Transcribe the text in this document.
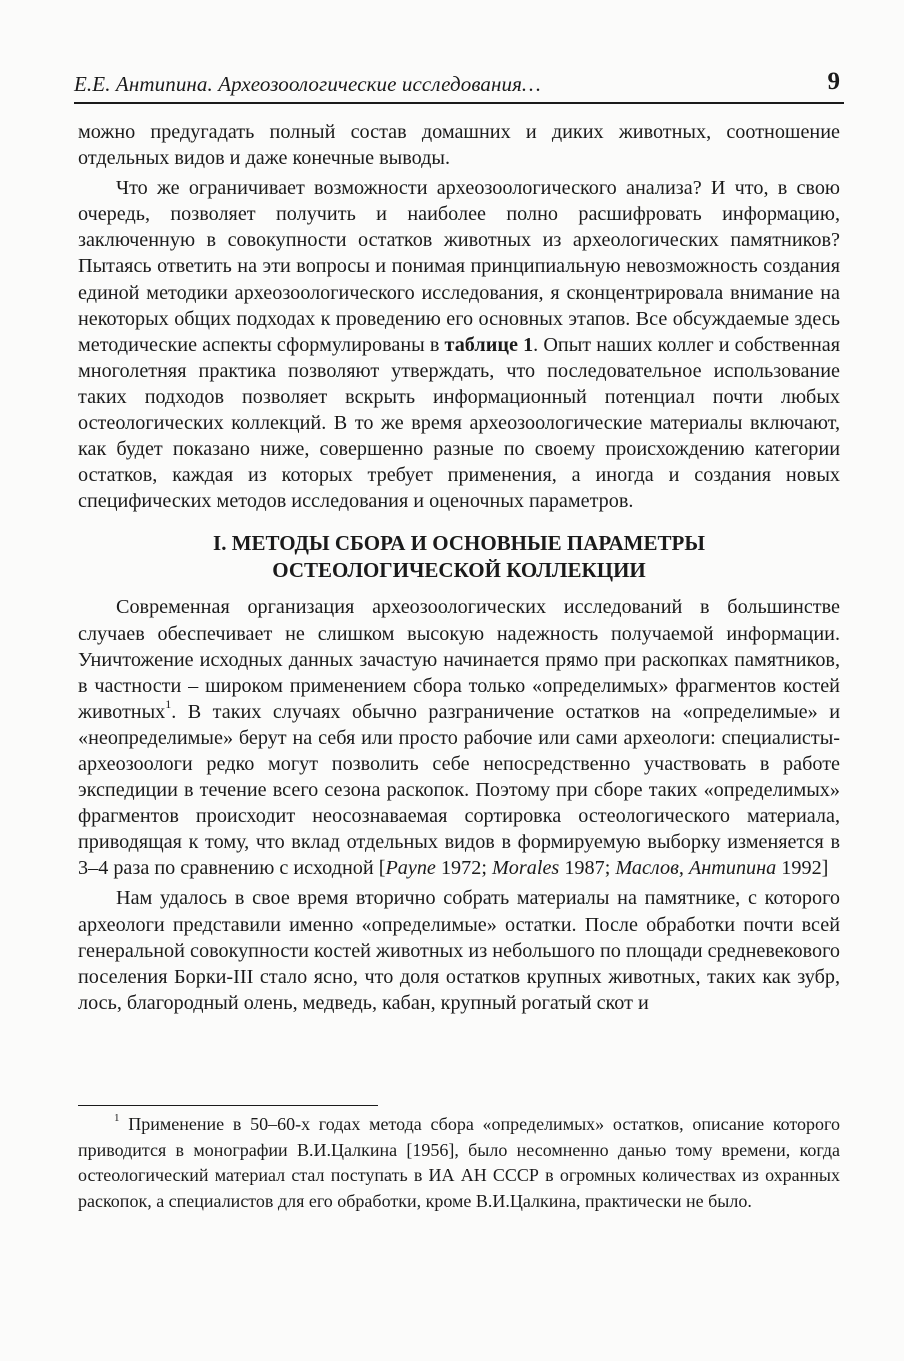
Е.Е. Антипина. Археозоологические исследования…	9

можно предугадать полный состав домашних и диких животных, соотношение отдельных видов и даже конечные выводы.

Что же ограничивает возможности археозоологического анализа? И что, в свою очередь, позволяет получить и наиболее полно расшифровать информацию, заключенную в совокупности остатков животных из археологических памятников? Пытаясь ответить на эти вопросы и понимая принципиальную невозможность создания единой методики археозоологического исследования, я сконцентрировала внимание на некоторых общих подходах к проведению его основных этапов. Все обсуждаемые здесь методические аспекты сформулированы в таблице 1. Опыт наших коллег и собственная многолетняя практика позволяют утверждать, что последовательное использование таких подходов позволяет вскрыть информационный потенциал почти любых остеологических коллекций. В то же время археозоологические материалы включают, как будет показано ниже, совершенно разные по своему происхождению категории остатков, каждая из которых требует применения, а иногда и создания новых специфических методов исследования и оценочных параметров.

I. МЕТОДЫ СБОРА И ОСНОВНЫЕ ПАРАМЕТРЫ
ОСТЕОЛОГИЧЕСКОЙ КОЛЛЕКЦИИ

Современная организация археозоологических исследований в большинстве случаев обеспечивает не слишком высокую надежность получаемой информации. Уничтожение исходных данных зачастую начинается прямо при раскопках памятников, в частности – широком применением сбора только «определимых» фрагментов костей животных$^1$. В таких случаях обычно разграничение остатков на «определимые» и «неопределимые» берут на себя или просто рабочие или сами археологи: специалисты-археозоологи редко могут позволить себе непосредственно участвовать в работе экспедиции в течение всего сезона раскопок. Поэтому при сборе таких «определимых» фрагментов происходит неосознаваемая сортировка остеологического материала, приводящая к тому, что вклад отдельных видов в формируемую выборку изменяется в 3–4 раза по сравнению с исходной [Payne 1972; Morales 1987; Маслов, Антипина 1992]

Нам удалось в свое время вторично собрать материалы на памятнике, с которого археологи представили именно «определимые» остатки. После обработки почти всей генеральной совокупности костей животных из небольшого по площади средневекового поселения Борки-III стало ясно, что доля остатков крупных животных, таких как зубр, лось, благородный олень, медведь, кабан, крупный рогатый скот и

$^1$ Применение в 50–60-х годах метода сбора «определимых» остатков, описание которого приводится в монографии В.И.Цалкина [1956], было несомненно данью тому времени, когда остеологический материал стал поступать в ИА АН СССР в огромных количествах из охранных раскопок, а специалистов для его обработки, кроме В.И.Цалкина, практически не было.
